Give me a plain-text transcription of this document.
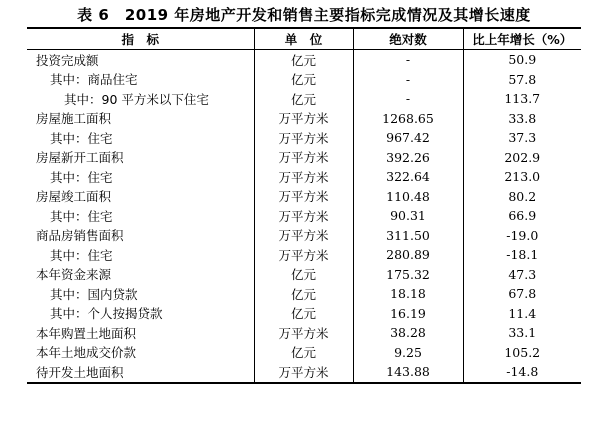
表 6　2019 年房地产开发和销售主要指标完成情况及其增长速度
指　标	单　位	绝对数	比上年增长（%）
投资完成额	亿元	-	50.9
其中：商品住宅	亿元	-	57.8
其中：90 平方米以下住宅	亿元	-	113.7
房屋施工面积	万平方米	1268.65	33.8
其中：住宅	万平方米	967.42	37.3
房屋新开工面积	万平方米	392.26	202.9
其中：住宅	万平方米	322.64	213.0
房屋竣工面积	万平方米	110.48	80.2
其中：住宅	万平方米	90.31	66.9
商品房销售面积	万平方米	311.50	-19.0
其中：住宅	万平方米	280.89	-18.1
本年资金来源	亿元	175.32	47.3
其中：国内贷款	亿元	18.18	67.8
其中：个人按揭贷款	亿元	16.19	11.4
本年购置土地面积	万平方米	38.28	33.1
本年土地成交价款	亿元	9.25	105.2
待开发土地面积	万平方米	143.88	-14.8
